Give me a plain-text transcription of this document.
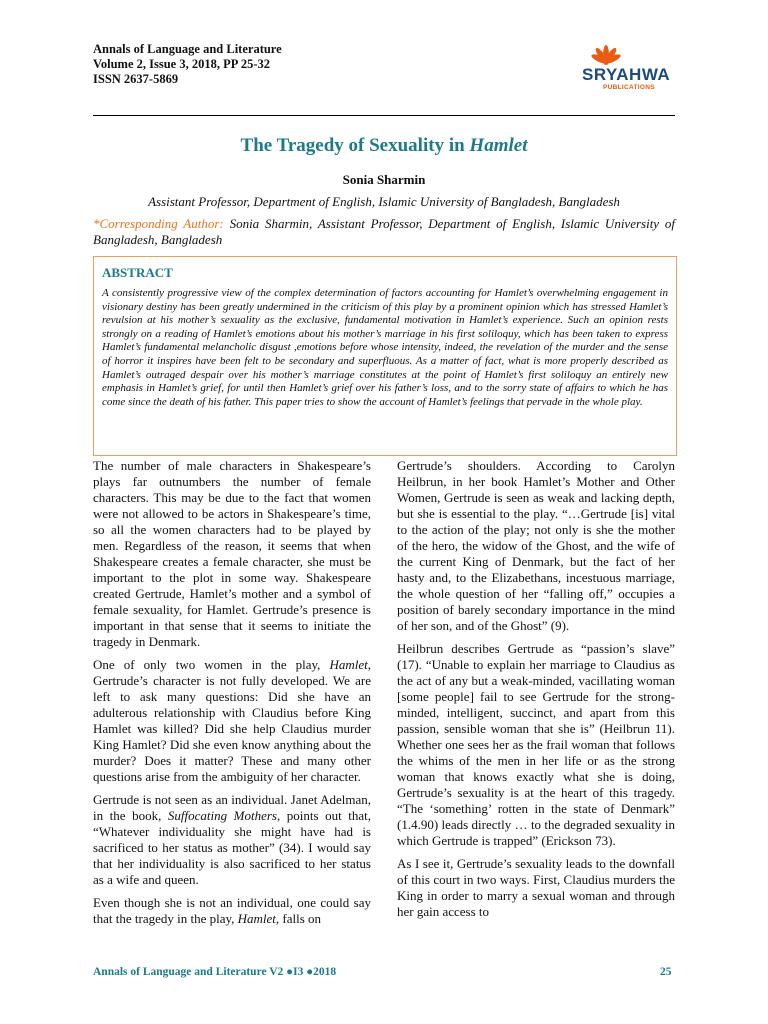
Annals of Language and Literature
Volume 2, Issue 3, 2018, PP 25-32
ISSN 2637-5869	SRYAHWA
PUBLICATIONS
The Tragedy of Sexuality in Hamlet
Sonia Sharmin
Assistant Professor, Department of English, Islamic University of Bangladesh, Bangladesh
*Corresponding Author: Sonia Sharmin, Assistant Professor, Department of English, Islamic University of Bangladesh, Bangladesh
ABSTRACT
A consistently progressive view of the complex determination of factors accounting for Hamlet’s overwhelming engagement in visionary destiny has been greatly undermined in the criticism of this play by a prominent opinion which has stressed Hamlet’s revulsion at his mother’s sexuality as the exclusive, fundamental motivation in Hamlet’s experience. Such an opinion rests strongly on a reading of Hamlet’s emotions about his mother’s marriage in his first soliloquy, which has been taken to express Hamlet’s fundamental melancholic disgust ,emotions before whose intensity, indeed, the revelation of the murder and the sense of horror it inspires have been felt to be secondary and superfluous. As a matter of fact, what is more properly described as Hamlet’s outraged despair over his mother’s marriage constitutes at the point of Hamlet’s first soliloquy an entirely new emphasis in Hamlet’s grief, for until then Hamlet’s grief over his father’s loss, and to the sorry state of affairs to which he has come since the death of his father. This paper tries to show the account of Hamlet’s feelings that pervade in the whole play.

The number of male characters in Shakespeare’s plays far outnumbers the number of female characters. This may be due to the fact that women were not allowed to be actors in Shakespeare’s time, so all the women characters had to be played by men. Regardless of the reason, it seems that when Shakespeare creates a female character, she must be important to the plot in some way. Shakespeare created Gertrude, Hamlet’s mother and a symbol of female sexuality, for Hamlet. Gertrude’s presence is important in that sense that it seems to initiate the tragedy in Denmark.

One of only two women in the play, Hamlet, Gertrude’s character is not fully developed. We are left to ask many questions: Did she have an adulterous relationship with Claudius before King Hamlet was killed? Did she help Claudius murder King Hamlet? Did she even know anything about the murder? Does it matter? These and many other questions arise from the ambiguity of her character.

Gertrude is not seen as an individual. Janet Adelman, in the book, Suffocating Mothers, points out that, “Whatever individuality she might have had is sacrificed to her status as mother” (34). I would say that her individuality is also sacrificed to her status as a wife and queen.

Even though she is not an individual, one could say that the tragedy in the play, Hamlet, falls on

Gertrude’s shoulders. According to Carolyn Heilbrun, in her book Hamlet’s Mother and Other Women, Gertrude is seen as weak and lacking depth, but she is essential to the play. “…Gertrude [is] vital to the action of the play; not only is she the mother of the hero, the widow of the Ghost, and the wife of the current King of Denmark, but the fact of her hasty and, to the Elizabethans, incestuous marriage, the whole question of her “falling off,” occupies a position of barely secondary importance in the mind of her son, and of the Ghost” (9).

Heilbrun describes Gertrude as “passion’s slave” (17). “Unable to explain her marriage to Claudius as the act of any but a weak-minded, vacillating woman [some people] fail to see Gertrude for the strong-minded, intelligent, succinct, and apart from this passion, sensible woman that she is” (Heilbrun 11). Whether one sees her as the frail woman that follows the whims of the men in her life or as the strong woman that knows exactly what she is doing, Gertrude’s sexuality is at the heart of this tragedy. “The ‘something’ rotten in the state of Denmark” (1.4.90) leads directly … to the degraded sexuality in which Gertrude is trapped” (Erickson 73).

As I see it, Gertrude’s sexuality leads to the downfall of this court in two ways. First, Claudius murders the King in order to marry a sexual woman and through her gain access to

Annals of Language and Literature V2 ●I3 ●2018	25
